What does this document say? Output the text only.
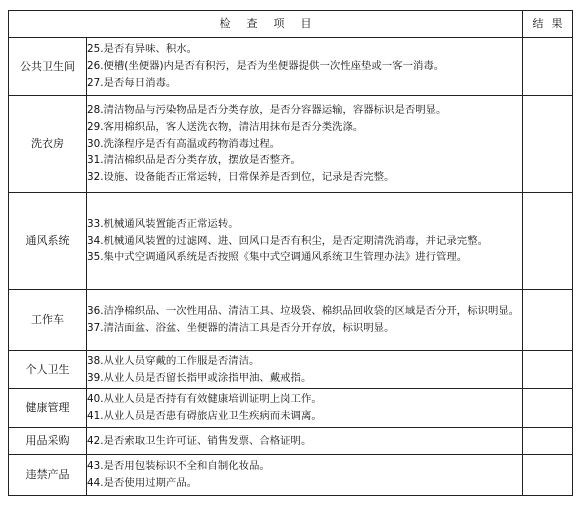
检查项目		结果
公共卫生间	25.是否有异味、积水。
26.便槽(坐便器)内是否有积污，是否为坐便器提供一次性座垫或一客一消毒。
27.是否每日消毒。	

洗衣房	28.清洁物品与污染物品是否分类存放，是否分容器运输，容器标识是否明显。
29.客用棉织品，客人送洗衣物，清洁用抹布是否分类洗涤。
30.洗涤程序是否有高温或药物消毒过程。
31.清洁棉织品是否分类存放，摆放是否整齐。
32.设施、设备能否正常运转，日常保养是否到位，记录是否完整。	

通风系统	33.机械通风装置能否正常运转。
34.机械通风装置的过滤网、进、回风口是否有积尘，是否定期清洗消毒，并记录完整。
35.集中式空调通风系统是否按照《集中式空调通风系统卫生管理办法》进行管理。	

工作车	36.洁净棉织品、一次性用品、清洁工具、垃圾袋、棉织品回收袋的区域是否分开，标识明显。
37.清洁面盆、浴盆、坐便器的清洁工具是否分开存放，标识明显。	

个人卫生	38.从业人员穿戴的工作服是否清洁。
39.从业人员是否留长指甲或涂指甲油、戴戒指。	

健康管理	40.从业人员是否持有有效健康培训证明上岗工作。
41.从业人员是否患有碍旅店业卫生疾病而未调离。	

用品采购	42.是否索取卫生许可证、销售发票、合格证明。	

违禁产品	43.是否用包装标识不全和自制化妆品。
44.是否使用过期产品。	
